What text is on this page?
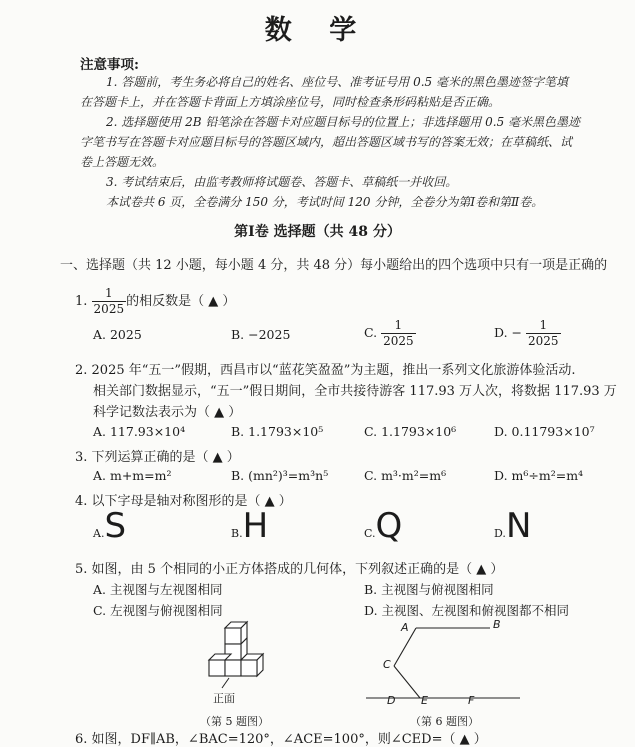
数 学
注意事项:
1. 答题前，考生务必将自己的姓名、座位号、准考证号用 0.5 毫米的黑色墨迹签字笔填
在答题卡上，并在答题卡背面上方填涂座位号，同时检查条形码粘贴是否正确。
2. 选择题使用 2B 铅笔涂在答题卡对应题目标号的位置上；非选择题用 0.5 毫米黑色墨迹
字笔书写在答题卡对应题目标号的答题区域内，超出答题区域书写的答案无效；在草稿纸、试
卷上答题无效。
3. 考试结束后，由监考教师将试题卷、答题卡、草稿纸一并收回。
本试卷共 6 页，全卷满分 150 分，考试时间 120 分钟，全卷分为第Ⅰ卷和第Ⅱ卷。
第Ⅰ卷 选择题（共 48 分）
一、选择题（共 12 小题，每小题 4 分，共 48 分）每小题给出的四个选项中只有一项是正确的
1. $\frac{1}{2025}$ 的相反数是（ ▲ ）
A. 2025	B. −2025	C. $\frac{1}{2025}$	D. − $\frac{1}{2025}$
2. 2025 年“五一”假期，西昌市以“蓝花笑盈盈”为主题，推出一系列文化旅游体验活动.
相关部门数据显示，“五一”假日期间，全市共接待游客 117.93 万人次，将数据 117.93 万
科学记数法表示为（ ▲ ）
A. 117.93×10⁴	B. 1.1793×10⁵	C. 1.1793×10⁶	D. 0.11793×10⁷
3. 下列运算正确的是（ ▲ ）
A. m+m=m²	B. (mn²)³=m³n⁵	C. m³·m²=m⁶	D. m⁶÷m²=m⁴
4. 以下字母是轴对称图形的是（ ▲ ）
A.S	B.H	C.Q	D.N
5. 如图，由 5 个相同的小正方体搭成的几何体，下列叙述正确的是（ ▲ ）
A. 主视图与左视图相同	B. 主视图与俯视图相同
C. 左视图与俯视图相同	D. 主视图、左视图和俯视图都不相同
正面
（第 5 题图）
A	B
C
D E	F
（第 6 题图）
6. 如图，DF∥AB，∠BAC=120°，∠ACE=100°，则∠CED=（ ▲ ）
